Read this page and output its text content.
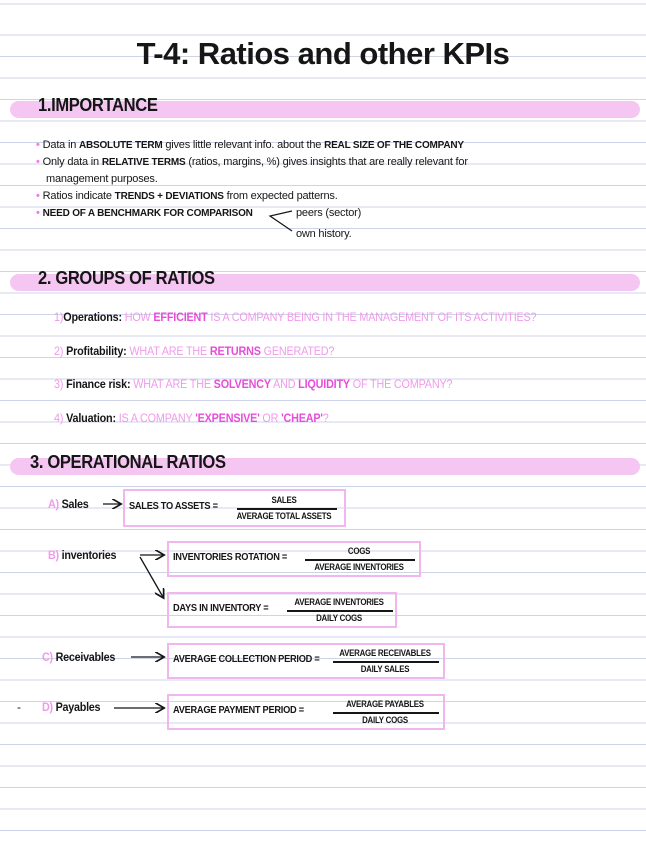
T-4: Ratios and other KPIs
1.IMPORTANCE
• Data in ABSOLUTE TERM gives little relevant info. about the REAL SIZE OF THE COMPANY
• Only data in RELATIVE TERMS (ratios, margins, %) gives insights that are really relevant for
management purposes.
• Ratios indicate TRENDS + DEVIATIONS from expected patterns.
• NEED OF A BENCHMARK FOR COMPARISON	peers (sector)
own history.
2. GROUPS OF RATIOS
1)Operations: HOW EFFICIENT IS A COMPANY BEING IN THE MANAGEMENT OF ITS ACTIVITIES?
2) Profitability: WHAT ARE THE RETURNS GENERATED?
3) Finance risk: WHAT ARE THE SOLVENCY AND LIQUIDITY OF THE COMPANY?
4) Valuation: IS A COMPANY 'EXPENSIVE' OR 'CHEAP'?
3. OPERATIONAL RATIOS
A) Sales	SALES TO ASSETS =	SALES
AVERAGE TOTAL ASSETS
B) inventories	INVENTORIES ROTATION =	COGS
AVERAGE INVENTORIES
DAYS IN INVENTORY =	AVERAGE INVENTORIES
DAILY COGS
C) Receivables	AVERAGE COLLECTION PERIOD =	AVERAGE RECEIVABLES
DAILY SALES
- D) Payables	AVERAGE PAYMENT PERIOD =	AVERAGE PAYABLES
DAILY COGS
